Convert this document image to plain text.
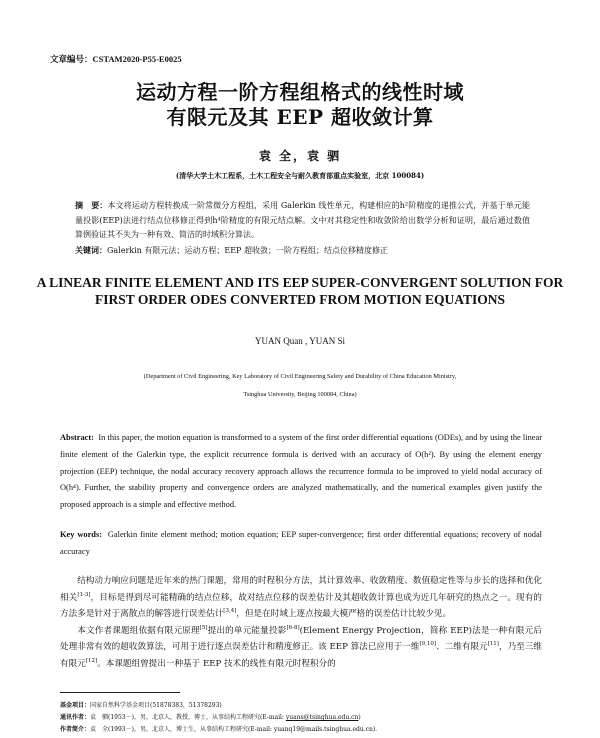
文章编号：CSTAM2020-P55-E0025
运动方程一阶方程组格式的线性时域
有限元及其 EEP 超收敛计算
袁 全，袁 驷
(清华大学土木工程系，土木工程安全与耐久教育部重点实验室，北京 100084)
摘　要：本文将运动方程转换成一阶常微分方程组，采用 Galerkin 线性单元，构建相应的h²阶精度的递推公式，并基于单元能量投影(EEP)法进行结点位移修正得到h⁴阶精度的有限元结点解。文中对其稳定性和收敛阶给出数学分析和证明，最后通过数值算例验证其不失为一种有效、简洁的时域积分算法。
关键词：Galerkin 有限元法；运动方程；EEP 超收敛；一阶方程组；结点位移精度修正
A LINEAR FINITE ELEMENT AND ITS EEP SUPER-CONVERGENT SOLUTION FOR FIRST ORDER ODES CONVERTED FROM MOTION EQUATIONS
YUAN Quan , YUAN Si
(Department of Civil Engineering, Key Laboratory of Civil Engineering Safety and Durability of China Education Ministry,
Tsinghua University, Beijing 100084, China)
Abstract: In this paper, the motion equation is transformed to a system of the first order differential equations (ODEs), and by using the linear finite element of the Galerkin type, the explicit recurrence formula is derived with an accuracy of O(h²). By using the element energy projection (EEP) technique, the nodal accuracy recovery approach allows the recurrence formula to be improved to yield nodal accuracy of O(h⁴). Further, the stability property and convergence orders are analyzed mathematically, and the numerical examples given justify the proposed approach is a simple and effective method.
Key words: Galerkin finite element method; motion equation; EEP super-convergence; first order differential equations; recovery of nodal accuracy

结构动力响应问题是近年来的热门课题，常用的时程积分方法，其计算效率、收敛精度、数值稳定性等与步长的选择和优化相关[1-3]，目标是得到尽可能精确的结点位移，故对结点位移的误差估计及其超收敛计算也成为近几年研究的热点之一。现有的方法多是针对于离散点的解答进行误差估计[3,4]，但是在时域上逐点按最大模严格的误差估计比较少见。

本文作者课题组依据有限元原理[5]提出的单元能量投影[6-8](Element Energy Projection，简称 EEP)法是一种有限元后处理非常有效的超收敛算法，可用于进行逐点误差估计和精度修正。该 EEP 算法已应用于一维[9,10]、二维有限元[11]，乃至三维有限元[12]。本课题组曾提出一种基于 EEP 技术的线性有限元时程积分的

基金项目：国家自然科学基金项目(51878383，51378293)
通讯作者：袁　驷(1953－)，男，北京人，教授，博士，从事结构工程研究(E-mail: yuans@tsinghua.edu.cn)
作者简介：袁　全(1993－)，男，北京人，博士生，从事结构工程研究(E-mail: yuanq19@mails.tsinghua.edu.cn).
